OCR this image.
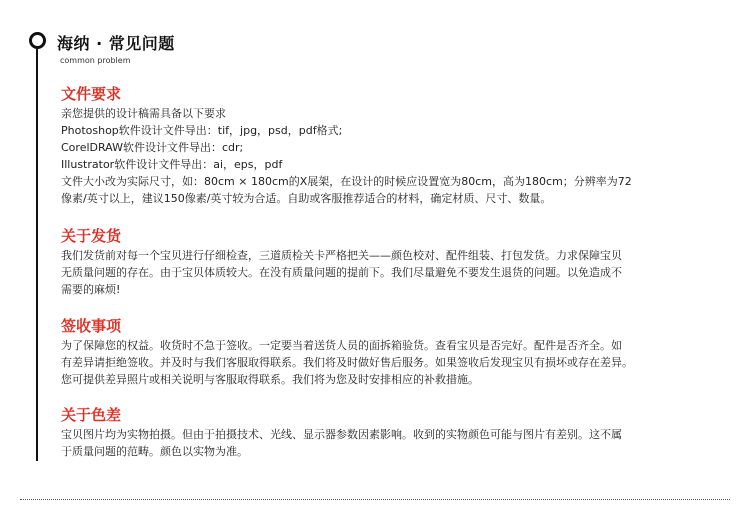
海纳 · 常见问题
common problem
文件要求
亲您提供的设计稿需具备以下要求
Photoshop软件设计文件导出：tif，jpg，psd，pdf格式;
CorelDRAW软件设计文件导出：cdr;
Illustrator软件设计文件导出：ai，eps，pdf
文件大小改为实际尺寸，如：80cm × 180cm的X展架，在设计的时候应设置宽为80cm，高为180cm；分辨率为72
像素/英寸以上，建议150像素/英寸较为合适。自助或客服推荐适合的材料，确定材质、尺寸、数量。
关于发货
我们发货前对每一个宝贝进行仔细检查，三道质检关卡严格把关——颜色校对、配件组装、打包发货。力求保障宝贝
无质量问题的存在。由于宝贝体质较大。在没有质量问题的提前下。我们尽量避免不要发生退货的问题。以免造成不
需要的麻烦!
签收事项
为了保障您的权益。收货时不急于签收。一定要当着送货人员的面拆箱验货。查看宝贝是否完好。配件是否齐全。如
有差异请拒绝签收。并及时与我们客服取得联系。我们将及时做好售后服务。如果签收后发现宝贝有损坏或存在差异。
您可提供差异照片或相关说明与客服取得联系。我们将为您及时安排相应的补救措施。
关于色差
宝贝图片均为实物拍摄。但由于拍摄技术、光线、显示器参数因素影响。收到的实物颜色可能与图片有差别。这不属
于质量问题的范畴。颜色以实物为准。
